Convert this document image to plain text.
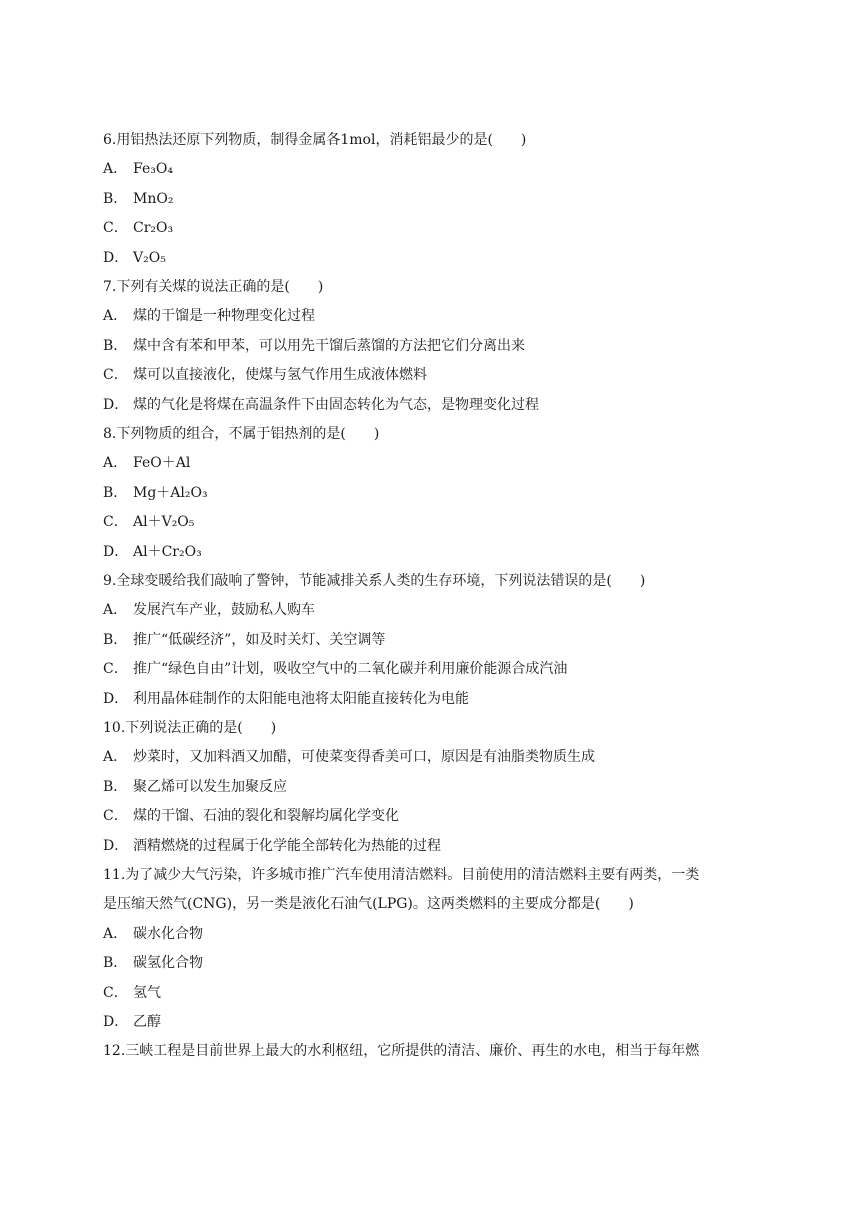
6.用铝热法还原下列物质，制得金属各1mol，消耗铝最少的是(　　)
A． Fe₃O₄
B． MnO₂
C． Cr₂O₃
D． V₂O₅
7.下列有关煤的说法正确的是(　　)
A． 煤的干馏是一种物理变化过程
B． 煤中含有苯和甲苯，可以用先干馏后蒸馏的方法把它们分离出来
C． 煤可以直接液化，使煤与氢气作用生成液体燃料
D． 煤的气化是将煤在高温条件下由固态转化为气态，是物理变化过程
8.下列物质的组合，不属于铝热剂的是(　　)
A． FeO＋Al
B． Mg＋Al₂O₃
C． Al＋V₂O₅
D． Al＋Cr₂O₃
9.全球变暖给我们敲响了警钟，节能减排关系人类的生存环境，下列说法错误的是(　　)
A． 发展汽车产业，鼓励私人购车
B． 推广“低碳经济”，如及时关灯、关空调等
C． 推广“绿色自由”计划，吸收空气中的二氧化碳并利用廉价能源合成汽油
D． 利用晶体硅制作的太阳能电池将太阳能直接转化为电能
10.下列说法正确的是(　　)
A． 炒菜时，又加料酒又加醋，可使菜变得香美可口，原因是有油脂类物质生成
B． 聚乙烯可以发生加聚反应
C． 煤的干馏、石油的裂化和裂解均属化学变化
D． 酒精燃烧的过程属于化学能全部转化为热能的过程
11.为了减少大气污染，许多城市推广汽车使用清洁燃料。目前使用的清洁燃料主要有两类，一类
是压缩天然气(CNG)，另一类是液化石油气(LPG)。这两类燃料的主要成分都是(　　)
A． 碳水化合物
B． 碳氢化合物
C． 氢气
D． 乙醇
12.三峡工程是目前世界上最大的水利枢纽，它所提供的清洁、廉价、再生的水电，相当于每年燃
